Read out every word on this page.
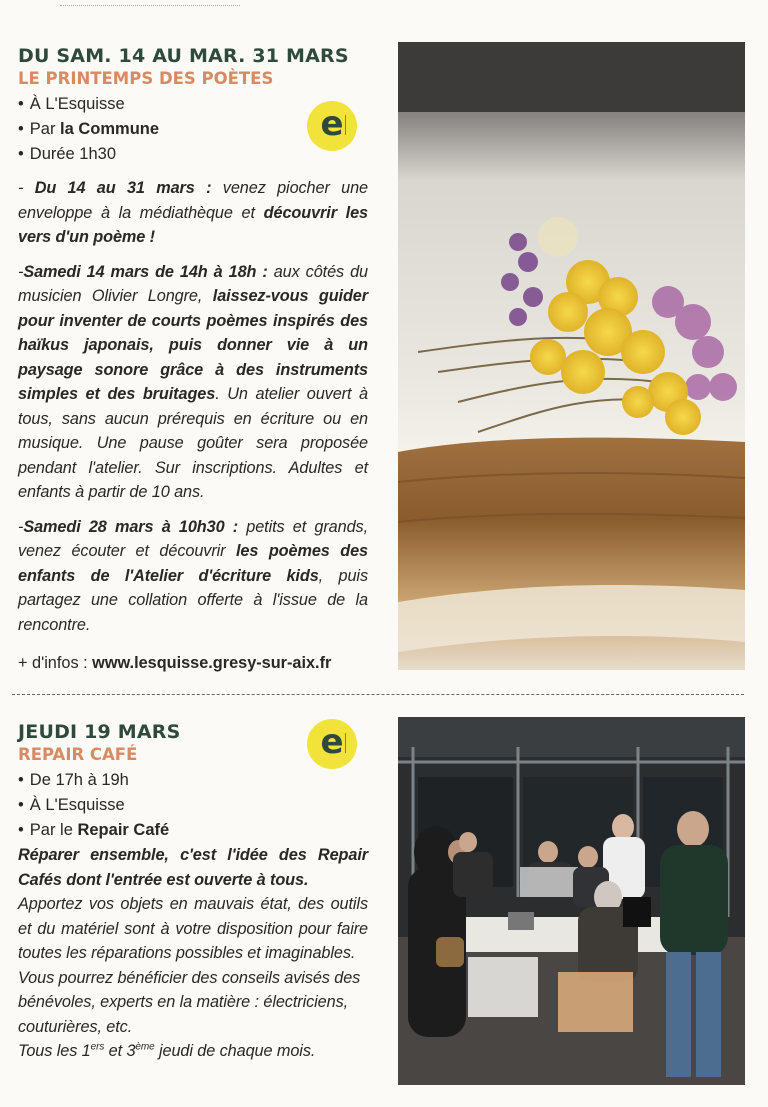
DU SAM. 14 AU MAR. 31 MARS
LE PRINTEMPS DES POÈTES
• À L'Esquisse
• Par la Commune
• Durée 1h30

- Du 14 au 31 mars : venez piocher une enveloppe à la médiathèque et découvrir les vers d'un poème !

-Samedi 14 mars de 14h à 18h : aux côtés du musicien Olivier Longre, laissez-vous guider pour inventer de courts poèmes inspirés des haïkus japonais, puis donner vie à un paysage sonore grâce à des instruments simples et des bruitages. Un atelier ouvert à tous, sans aucun prérequis en écriture ou en musique. Une pause goûter sera proposée pendant l'atelier. Sur inscriptions. Adultes et enfants à partir de 10 ans.

-Samedi 28 mars à 10h30 : petits et grands, venez écouter et découvrir les poèmes des enfants de l'Atelier d'écriture kids, puis partagez une collation offerte à l'issue de la rencontre.

+ d'infos : www.lesquisse.gresy-sur-aix.fr

e
JEUDI 19 MARS
REPAIR CAFÉ
• De 17h à 19h
• À L'Esquisse
• Par le Repair Café

Réparer ensemble, c'est l'idée des Repair Cafés dont l'entrée est ouverte à tous.

Apportez vos objets en mauvais état, des outils et du matériel sont à votre disposition pour faire toutes les réparations possibles et imaginables.

Vous pourrez bénéficier des conseils avisés des bénévoles, experts en la matière : électriciens, couturières, etc.

Tous les 1ers et 3ème jeudi de chaque mois.

e
